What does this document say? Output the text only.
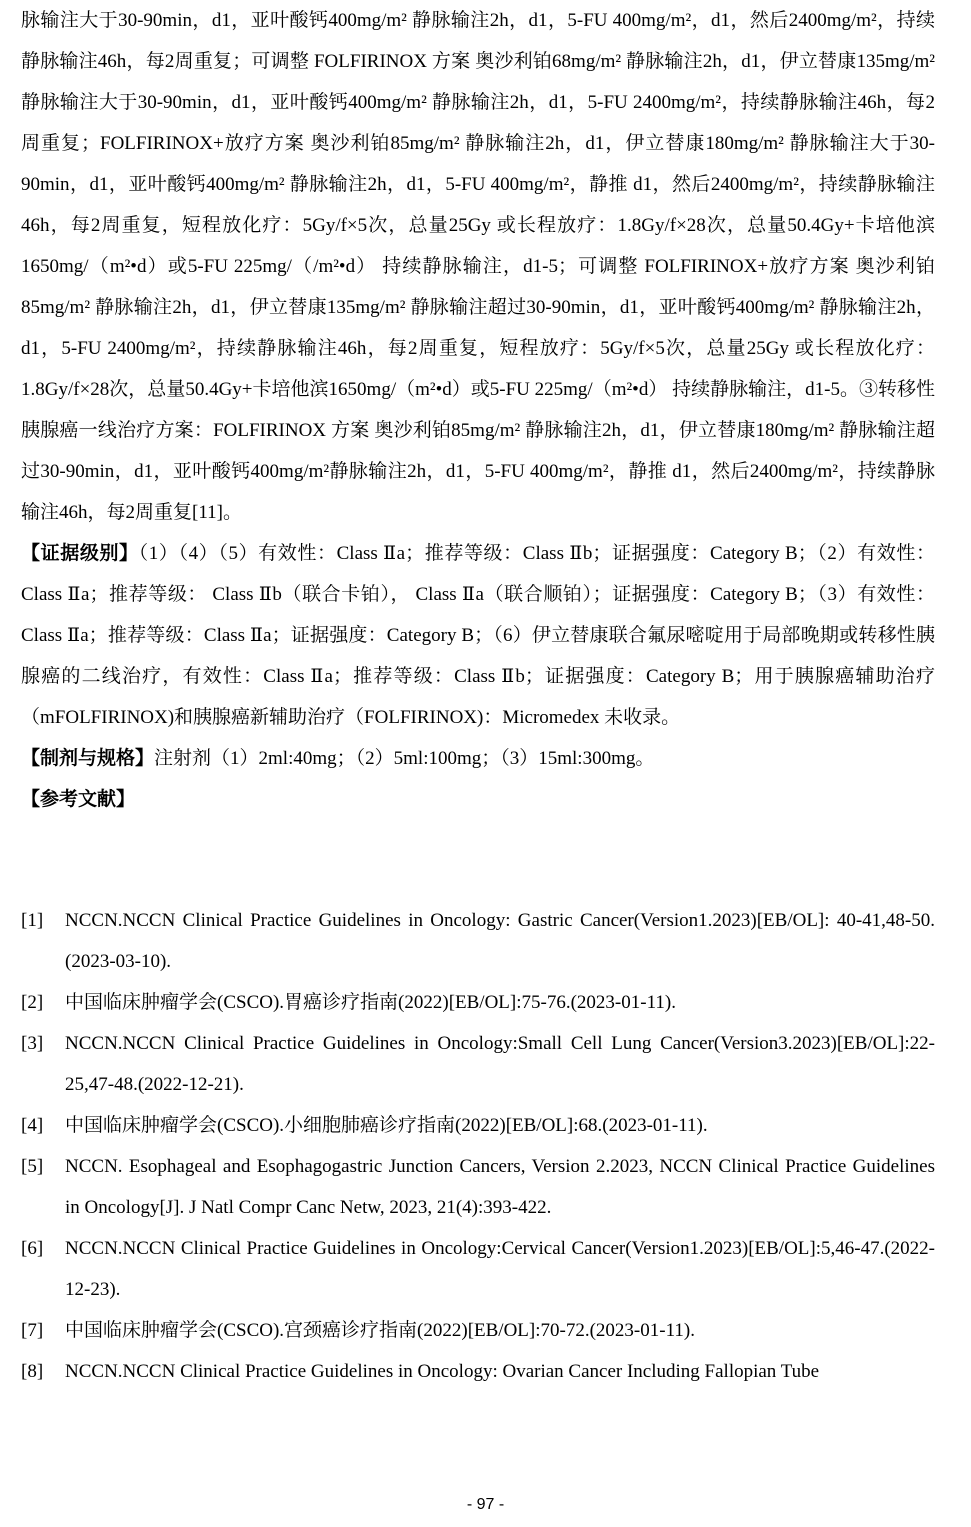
脉输注大于30-90min，d1，亚叶酸钙400mg/m² 静脉输注2h，d1，5-FU 400mg/m²，d1，然后2400mg/m²，持续静脉输注46h，每2周重复；可调整 FOLFIRINOX 方案 奥沙利铂68mg/m² 静脉输注2h，d1，伊立替康135mg/m² 静脉输注大于30-90min，d1，亚叶酸钙400mg/m² 静脉输注2h，d1，5-FU 2400mg/m²，持续静脉输注46h，每2周重复；FOLFIRINOX+放疗方案 奥沙利铂85mg/m² 静脉输注2h，d1，伊立替康180mg/m² 静脉输注大于30-90min，d1，亚叶酸钙400mg/m² 静脉输注2h，d1，5-FU 400mg/m²，静推 d1，然后2400mg/m²，持续静脉输注46h，每2周重复，短程放化疗：5Gy/f×5次，总量25Gy 或长程放疗：1.8Gy/f×28次，总量50.4Gy+卡培他滨1650mg/（m²•d）或5-FU 225mg/（/m²•d） 持续静脉输注，d1-5；可调整 FOLFIRINOX+放疗方案 奥沙利铂85mg/m² 静脉输注2h，d1，伊立替康135mg/m² 静脉输注超过30-90min，d1，亚叶酸钙400mg/m² 静脉输注2h，d1，5-FU 2400mg/m²，持续静脉输注46h，每2周重复，短程放疗：5Gy/f×5次，总量25Gy 或长程放化疗：1.8Gy/f×28次，总量50.4Gy+卡培他滨1650mg/（m²•d）或5-FU 225mg/（m²•d） 持续静脉输注，d1-5。③转移性胰腺癌一线治疗方案：FOLFIRINOX 方案 奥沙利铂85mg/m² 静脉输注2h，d1，伊立替康180mg/m² 静脉输注超过30-90min，d1，亚叶酸钙400mg/m²静脉输注2h，d1，5-FU 400mg/m²，静推 d1，然后2400mg/m²，持续静脉输注46h，每2周重复[11]。

【证据级别】（1）（4）（5）有效性：Class Ⅱa；推荐等级：Class Ⅱb；证据强度：Category B；（2）有效性：Class Ⅱa；推荐等级： Class Ⅱb（联合卡铂）， Class Ⅱa（联合顺铂）；证据强度：Category B；（3）有效性：Class Ⅱa；推荐等级：Class Ⅱa；证据强度：Category B；（6）伊立替康联合氟尿嘧啶用于局部晚期或转移性胰腺癌的二线治疗，有效性：Class Ⅱa；推荐等级：Class Ⅱb；证据强度：Category B；用于胰腺癌辅助治疗（mFOLFIRINOX)和胰腺癌新辅助治疗（FOLFIRINOX)：Micromedex 未收录。

【制剂与规格】注射剂（1）2ml:40mg；（2）5ml:100mg；（3）15ml:300mg。

【参考文献】

[1]	NCCN.NCCN Clinical Practice Guidelines in Oncology: Gastric Cancer(Version1.2023)[EB/OL]: 40-41,48-50.(2023-03-10).
[2]	中国临床肿瘤学会(CSCO).胃癌诊疗指南(2022)[EB/OL]:75-76.(2023-01-11).
[3]	NCCN.NCCN Clinical Practice Guidelines in Oncology:Small Cell Lung Cancer(Version3.2023)[EB/OL]:22-25,47-48.(2022-12-21).
[4]	中国临床肿瘤学会(CSCO).小细胞肺癌诊疗指南(2022)[EB/OL]:68.(2023-01-11).
[5]	NCCN. Esophageal and Esophagogastric Junction Cancers, Version 2.2023, NCCN Clinical Practice Guidelines in Oncology[J]. J Natl Compr Canc Netw, 2023, 21(4):393-422.
[6]	NCCN.NCCN Clinical Practice Guidelines in Oncology:Cervical Cancer(Version1.2023)[EB/OL]:5,46-47.(2022-12-23).
[7]	中国临床肿瘤学会(CSCO).宫颈癌诊疗指南(2022)[EB/OL]:70-72.(2023-01-11).
[8]	NCCN.NCCN Clinical Practice Guidelines in Oncology: Ovarian Cancer Including Fallopian Tube
- 97 -
